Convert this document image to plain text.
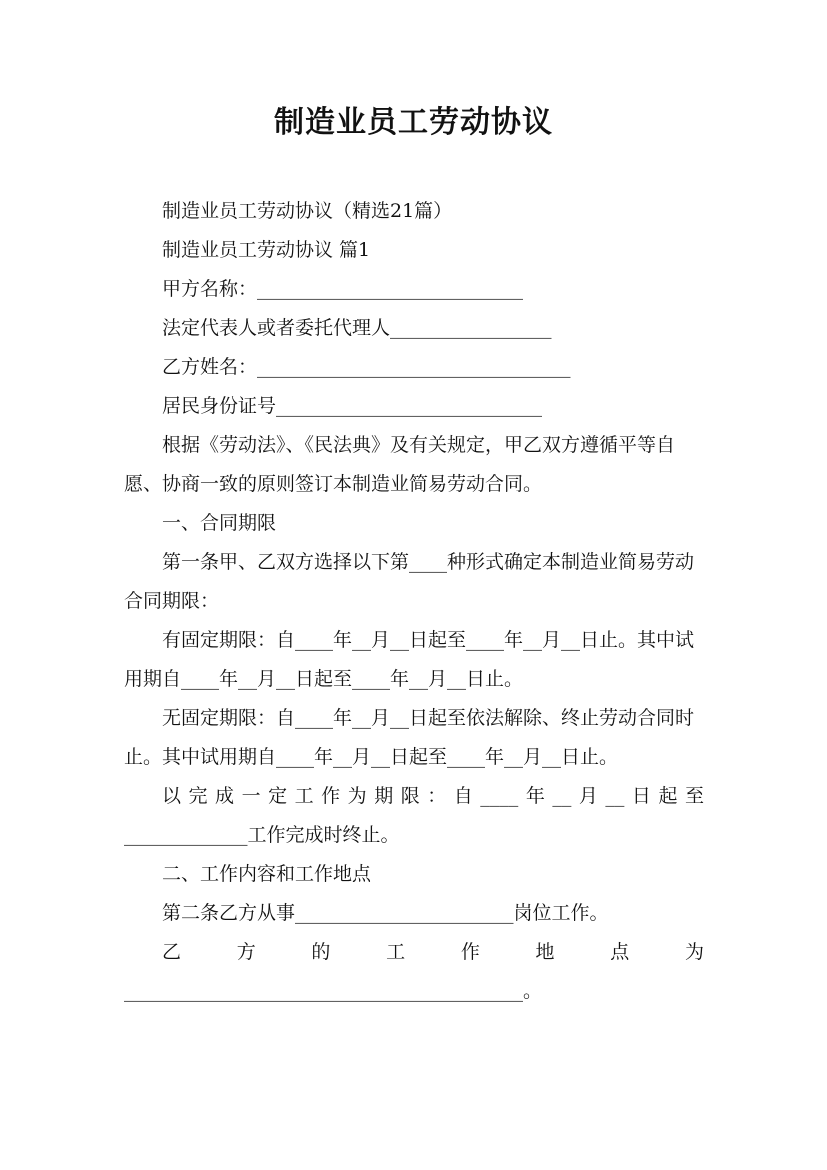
制造业员工劳动协议

制造业员工劳动协议（精选21篇）

制造业员工劳动协议 篇1

甲方名称：____________________________

法定代表人或者委托代理人_________________

乙方姓名：_________________________________

居民身份证号____________________________

根据《劳动法》、《民法典》及有关规定，甲乙双方遵循平等自愿、协商一致的原则签订本制造业简易劳动合同。

一、合同期限

第一条甲、乙双方选择以下第____种形式确定本制造业简易劳动合同期限：

有固定期限：自____年__月__日起至____年__月__日止。其中试用期自____年__月__日起至____年__月__日止。

无固定期限：自____年__月__日起至依法解除、终止劳动合同时止。其中试用期自____年__月__日起至____年__月__日止。

以完成一定工作为期限：自____年__月__日起至

_____________工作完成时终止。

二、工作内容和工作地点

第二条乙方从事_______________________岗位工作。

乙方的工作地点为

__________________________________________。
